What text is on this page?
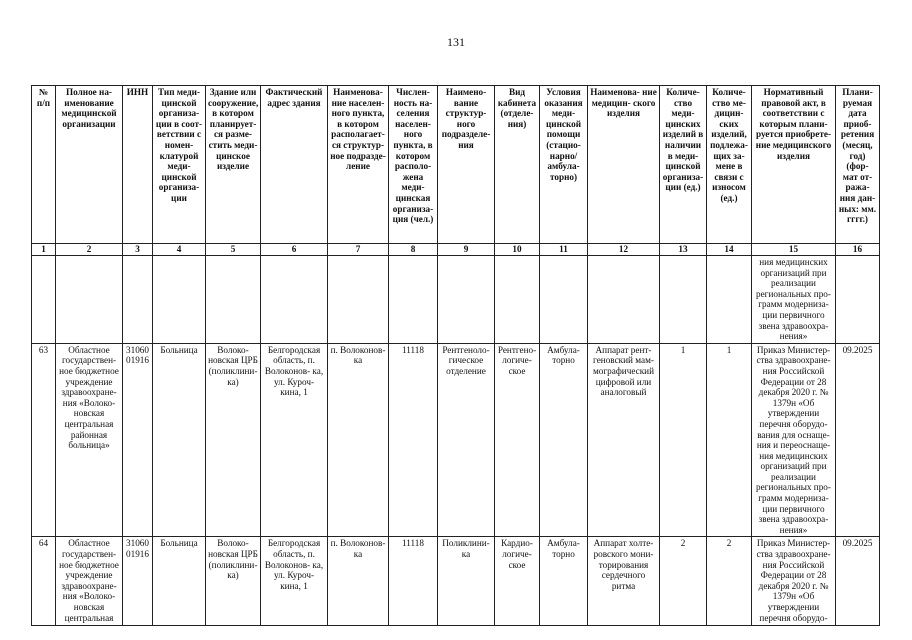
131
№ п/п	Полное на- именование медицинской организации	ИНН	Тип меди- цинской организа- ции в соот- ветствии с номен- клатурой меди- цинской организа- ции	Здание или сооружение, в котором планирует- ся разме- стить меди- цинское изделие	Фактический адрес здания	Наименова- ние населен- ного пункта, в котором располагает- ся структур- ное подразде- ление	Числен- ность на- селения населен- ного пункта, в котором располо- жена меди- цинская организа- ция (чел.)	Наимено- вание структур- ного подразделе- ния	Вид кабинета (отделе- ния)	Условия оказания меди- цинской помощи (стацио- нарно/ амбула- торно)	Наименова- ние медицин- ского изделия	Количе- ство меди- цинских изделий в наличии в меди- цинской организа- ции (ед.)	Количе- ство ме- дицин- ских изделий, подлежа- щих за- мене в связи с износом (ед.)	Нормативный правовой акт, в соответствии с которым плани- руется приобрете- ние медицинского изделия	Плани- руемая дата приоб- ретения (месяц, год) (фор- мат от- ража- ния дан- ных: мм. гггг.)
1	2	3	4	5	6	7	8	9	10	11	12	13	14	15	16
														ния медицинских организаций при реализации региональных про- грамм модерниза- ции первичного звена здравоохра- нения»	
63	Областное государствен- ное бюджетное учреждение здравоохране- ния «Волоко- новская центральная районная больница»	31060 01916	Больница	Волоко- новская ЦРБ (поликлини- ка)	Белгородская область, п. Волоконов- ка, ул. Куроч- кина, 1	п. Волоконов- ка	11118	Рентгеноло- гическое отделение	Рентгено- логиче- ское	Амбула- торно	Аппарат рент- геновский мам- мографический цифровой или аналоговый	1	1	Приказ Министер- ства здравоохране- ния Российской Федерации от 28 декабря 2020 г. № 1379н «Об утверждении перечня оборудо- вания для оснаще- ния и переоснаще- ния медицинских организаций при реализации региональных про- грамм модерниза- ции первичного звена здравоохра- нения»	09.2025
64	Областное государствен- ное бюджетное учреждение здравоохране- ния «Волоко- новская центральная	31060 01916	Больница	Волоко- новская ЦРБ (поликлини- ка)	Белгородская область, п. Волоконов- ка, ул. Куроч- кина, 1	п. Волоконов- ка	11118	Поликлини- ка	Кардио- логиче- ское	Амбула- торно	Аппарат холте- ровского мони- торирования сердечного ритма	2	2	Приказ Министер- ства здравоохране- ния Российской Федерации от 28 декабря 2020 г. № 1379н «Об утверждении перечня оборудо-	09.2025
